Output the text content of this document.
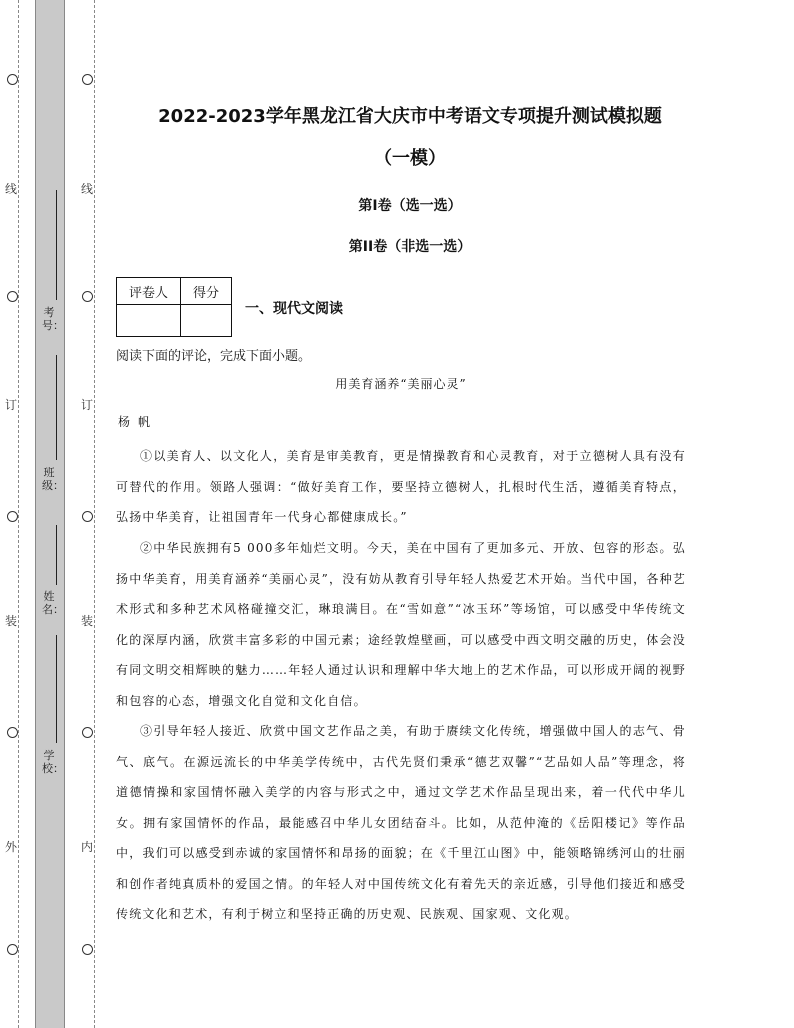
线
订
装
外
线
订
装
内
考号：
班级：
姓名：
学校：
2022-2023学年黑龙江省大庆市中考语文专项提升测试模拟题
（一模）
第I卷（选一选）
第II卷（非选一选）
评卷人	得分

一、现代文阅读
阅读下面的评论，完成下面小题。
用美育涵养“美丽心灵”
杨帆

①以美育人、以文化人，美育是审美教育，更是情操教育和心灵教育，对于立德树人具有没有可替代的作用。领路人强调：“做好美育工作，要坚持立德树人，扎根时代生活，遵循美育特点，弘扬中华美育，让祖国青年一代身心都健康成长。”

②中华民族拥有5 000多年灿烂文明。今天，美在中国有了更加多元、开放、包容的形态。弘扬中华美育，用美育涵养“美丽心灵”，没有妨从教育引导年轻人热爱艺术开始。当代中国，各种艺术形式和多种艺术风格碰撞交汇，琳琅满目。在“雪如意”“冰玉环”等场馆，可以感受中华传统文化的深厚内涵，欣赏丰富多彩的中国元素；途经敦煌壁画，可以感受中西文明交融的历史，体会没有同文明交相辉映的魅力……年轻人通过认识和理解中华大地上的艺术作品，可以形成开阔的视野和包容的心态，增强文化自觉和文化自信。

③引导年轻人接近、欣赏中国文艺作品之美，有助于赓续文化传统，增强做中国人的志气、骨气、底气。在源远流长的中华美学传统中，古代先贤们秉承“德艺双馨”“艺品如人品”等理念，将道德情操和家国情怀融入美学的内容与形式之中，通过文学艺术作品呈现出来，着一代代中华儿女。拥有家国情怀的作品，最能感召中华儿女团结奋斗。比如，从范仲淹的《岳阳楼记》等作品中，我们可以感受到赤诚的家国情怀和昂扬的面貌；在《千里江山图》中，能领略锦绣河山的壮丽和创作者纯真质朴的爱国之情。的年轻人对中国传统文化有着先天的亲近感，引导他们接近和感受传统文化和艺术，有利于树立和坚持正确的历史观、民族观、国家观、文化观。
